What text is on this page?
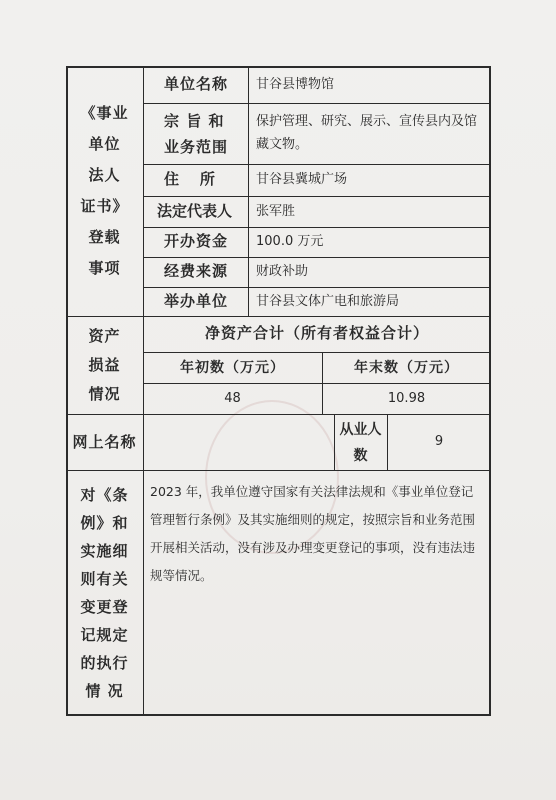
《事业
单位
法人
证书》
登载
事项
资产
损益
情况
网上名称
对《条
例》和
实施细
则有关
变更登
记规定
的执行
情 况
单位名称
宗 旨 和
业务范围
住    所
法定代表人
开办资金
经费来源
举办单位
甘谷县博物馆
保护管理、研究、展示、宣传县内及馆
藏文物。
甘谷县冀城广场
张军胜
100.0 万元
财政补助
甘谷县文体广电和旅游局
净资产合计（所有者权益合计）
年初数（万元）	年末数（万元）
48	10.98
从业人
数
9
2023 年，我单位遵守国家有关法律法规和《事业单位登记
管理暂行条例》及其实施细则的规定，按照宗旨和业务范围
开展相关活动，没有涉及办理变更登记的事项，没有违法违
规等情况。
